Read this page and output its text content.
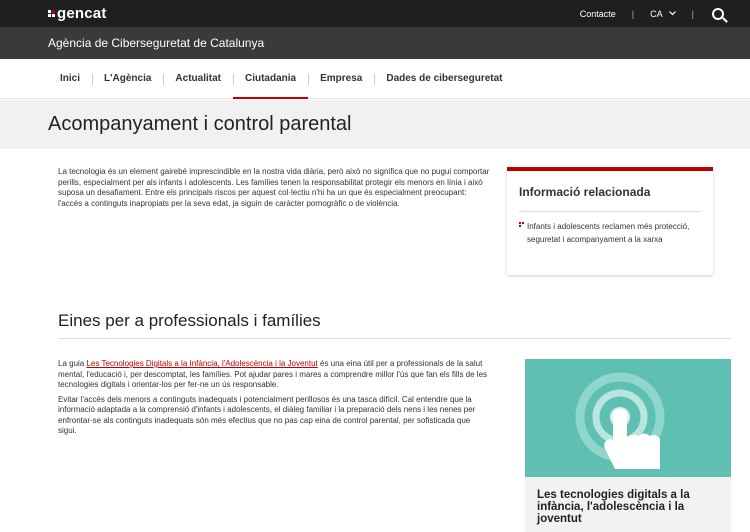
gencat	Contacte | CA	|
Agència de Ciberseguretat de Catalunya
Inici	L'Agència	Actualitat	Ciutadania	Empresa	Dades de ciberseguretat
Acompanyament i control parental

La tecnologia és un element gairebé imprescindible en la nostra vida diària, però això no significa que no pugui comportar perills, especialment per als infants i adolescents. Les famílies tenen la responsabilitat protegir els menors en línia i això suposa un desafiament. Entre els principals riscos per aquest col·lectiu n'hi ha un que és especialment preocupant: l'accés a continguts inapropiats per la seva edat, ja siguin de caràcter pornogràfic o de violència.

Informació relacionada
Infants i adolescents reclamen més protecció, seguretat i acompanyament a la xarxa
Eines per a professionals i famílies

La guia Les Tecnologies Digitals a la Infància, l'Adolescència i la Joventut és una eina útil per a professionals de la salut mental, l'educació i, per descomptat, les famílies. Pot ajudar pares i mares a comprendre millor l'ús que fan els fills de les tecnologies digitals i orientar-los per fer-ne un ús responsable.

Evitar l'accés dels menors a continguts inadequats i potencialment perillosos és una tasca difícil. Cal entendre que la informació adaptada a la comprensió d'infants i adolescents, el diàleg familiar i la preparació dels nens i les nenes per enfrontar-se als continguts inadequats són més efectius que no pas cap eina de control parental, per sofisticada que sigui.

Les tecnologies digitals a la infància, l'adolescència i la joventut
